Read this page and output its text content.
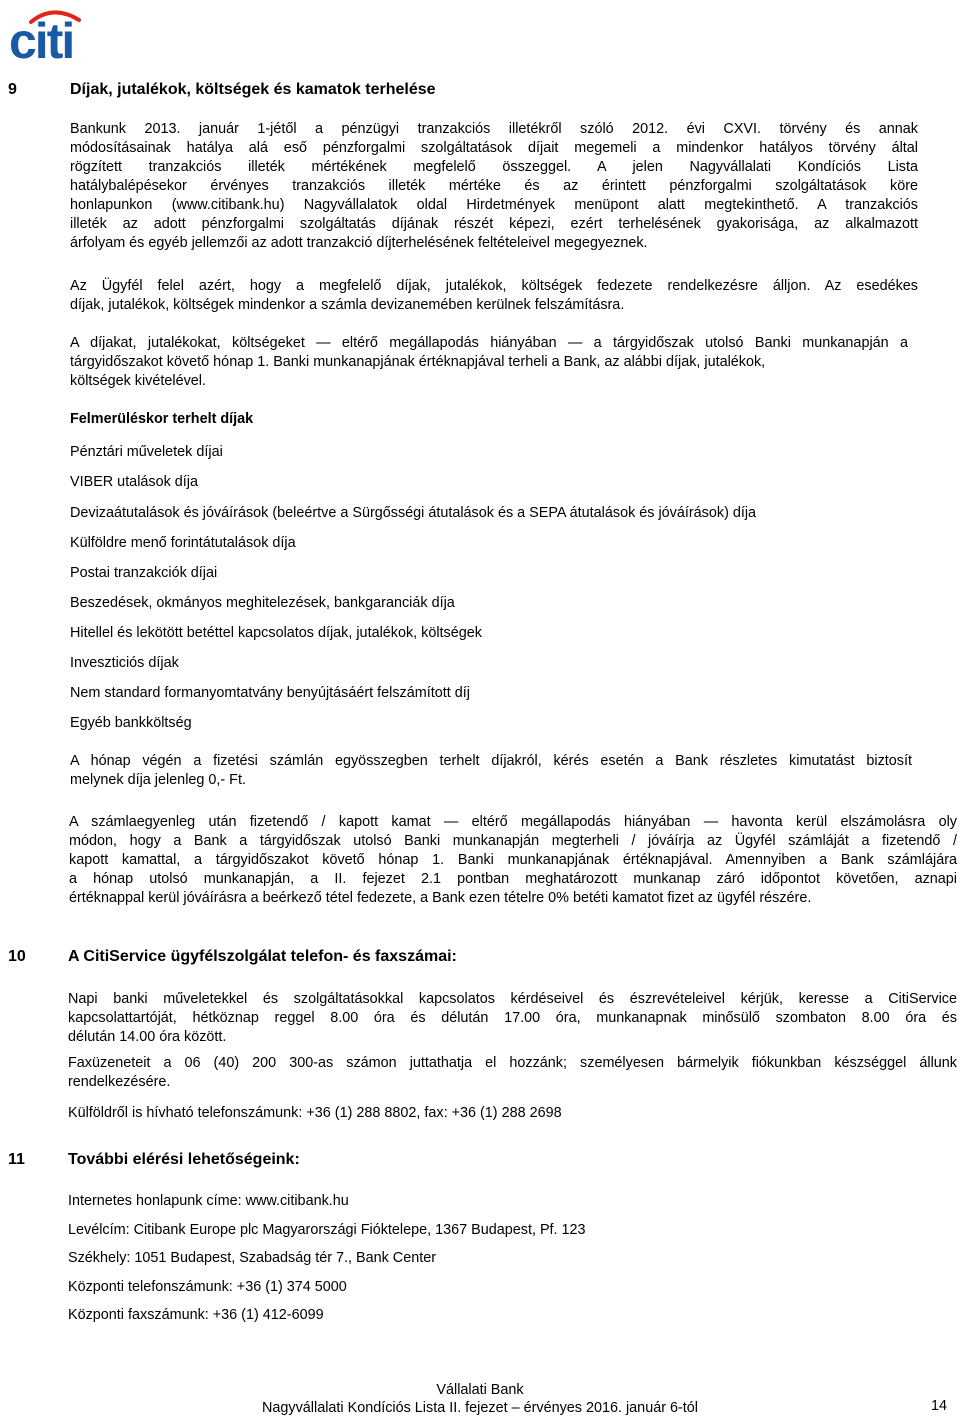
citi
9	Díjak, jutalékok, költségek és kamatok terhelése

Bankunk 2013. január 1-jétől a pénzügyi tranzakciós illetékről szóló 2012. évi CXVI. törvény és annak

módosításainak hatálya alá eső pénzforgalmi szolgáltatások díjait megemeli a mindenkor hatályos törvény által

rögzített tranzakciós illeték mértékének megfelelő összeggel. A jelen Nagyvállalati Kondíciós Lista

hatálybalépésekor érvényes tranzakciós illeték mértéke és az érintett pénzforgalmi szolgáltatások köre

honlapunkon (www.citibank.hu) Nagyvállalatok oldal Hirdetmények menüpont alatt megtekinthető. A tranzakciós

illeték az adott pénzforgalmi szolgáltatás díjának részét képezi, ezért terhelésének gyakorisága, az alkalmazott

árfolyam és egyéb jellemzői az adott tranzakció díjterhelésének feltételeivel megegyeznek.

Az Ügyfél felel azért, hogy a megfelelő díjak, jutalékok, költségek fedezete rendelkezésre álljon. Az esedékes

díjak, jutalékok, költségek mindenkor a számla devizanemében kerülnek felszámításra.

A díjakat, jutalékokat, költségeket — eltérő megállapodás hiányában — a tárgyidőszak utolsó Banki munkanapján a

tárgyidőszakot követő hónap 1. Banki munkanapjának értéknapjával terheli a Bank, az alábbi díjak, jutalékok,

költségek kivételével.

Felmerüléskor terhelt díjak
Pénztári műveletek díjai
VIBER utalások díja
Devizaátutalások és jóváírások (beleértve a Sürgősségi átutalások és a SEPA átutalások és jóváírások) díja
Külföldre menő forintátutalások díja
Postai tranzakciók díjai
Beszedések, okmányos meghitelezések, bankgaranciák díja
Hitellel és lekötött betéttel kapcsolatos díjak, jutalékok, költségek
Inveszticiós díjak
Nem standard formanyomtatvány benyújtásáért felszámított díj
Egyéb bankköltség

A hónap végén a fizetési számlán egyösszegben terhelt díjakról, kérés esetén a Bank részletes kimutatást biztosít

melynek díja jelenleg 0,- Ft.

A számlaegyenleg után fizetendő / kapott kamat — eltérő megállapodás hiányában — havonta kerül elszámolásra oly

módon, hogy a Bank a tárgyidőszak utolsó Banki munkanapján megterheli / jóváírja az Ügyfél számláját a fizetendő /

kapott kamattal, a tárgyidőszakot követő hónap 1. Banki munkanapjának értéknapjával. Amennyiben a Bank számlájára

a hónap utolsó munkanapján, a II. fejezet 2.1 pontban meghatározott munkanap záró időpontot követően, aznapi

értéknappal kerül jóváírásra a beérkező tétel fedezete, a Bank ezen tételre 0% betéti kamatot fizet az ügyfél részére.

10	A CitiService ügyfélszolgálat telefon- és faxszámai:

Napi banki műveletekkel és szolgáltatásokkal kapcsolatos kérdéseivel és észrevételeivel kérjük, keresse a CitiService

kapcsolattartóját, hétköznap reggel 8.00 óra és délután 17.00 óra, munkanapnak minősülő szombaton 8.00 óra és

délután 14.00 óra között.

Faxüzeneteit a 06 (40) 200 300-as számon juttathatja el hozzánk; személyesen bármelyik fiókunkban készséggel állunk

rendelkezésére.

Külföldről is hívható telefonszámunk: +36 (1) 288 8802, fax: +36 (1) 288 2698
11	További elérési lehetőségeink:
Internetes honlapunk címe: www.citibank.hu
Levélcím: Citibank Europe plc Magyarországi Fióktelepe, 1367 Budapest, Pf. 123
Székhely: 1051 Budapest, Szabadság tér 7., Bank Center
Központi telefonszámunk: +36 (1) 374 5000
Központi faxszámunk: +36 (1) 412-6099
Vállalati Bank
Nagyvállalati Kondíciós Lista II. fejezet – érvényes 2016. január 6-tól	14
